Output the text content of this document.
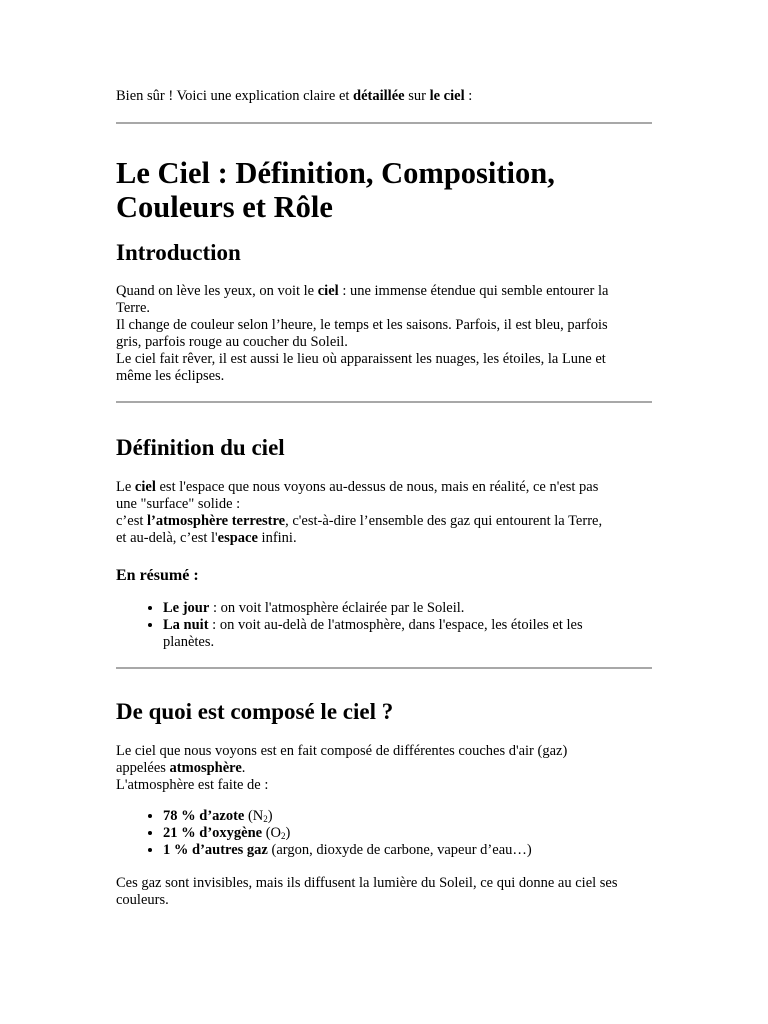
Bien sûr ! Voici une explication claire et détaillée sur le ciel :

Le Ciel : Définition, Composition,
Couleurs et Rôle
Introduction
Quand on lève les yeux, on voit le ciel : une immense étendue qui semble entourer la
Terre.
Il change de couleur selon l’heure, le temps et les saisons. Parfois, il est bleu, parfois
gris, parfois rouge au coucher du Soleil.
Le ciel fait rêver, il est aussi le lieu où apparaissent les nuages, les étoiles, la Lune et
même les éclipses.
Définition du ciel
Le ciel est l'espace que nous voyons au-dessus de nous, mais en réalité, ce n'est pas
une "surface" solide :
c’est l’atmosphère terrestre, c'est-à-dire l’ensemble des gaz qui entourent la Terre,
et au-delà, c’est l'espace infini.
En résumé :
• Le jour : on voit l'atmosphère éclairée par le Soleil.
• La nuit : on voit au-delà de l'atmosphère, dans l'espace, les étoiles et les
planètes.
De quoi est composé le ciel ?
Le ciel que nous voyons est en fait composé de différentes couches d'air (gaz)
appelées atmosphère.
L'atmosphère est faite de :
• 78 % d’azote $(N_2)$
• 21 % d’oxygène $(O_2)$
• 1 % d’autres gaz (argon, dioxyde de carbone, vapeur d’eau…)
Ces gaz sont invisibles, mais ils diffusent la lumière du Soleil, ce qui donne au ciel ses
couleurs.
